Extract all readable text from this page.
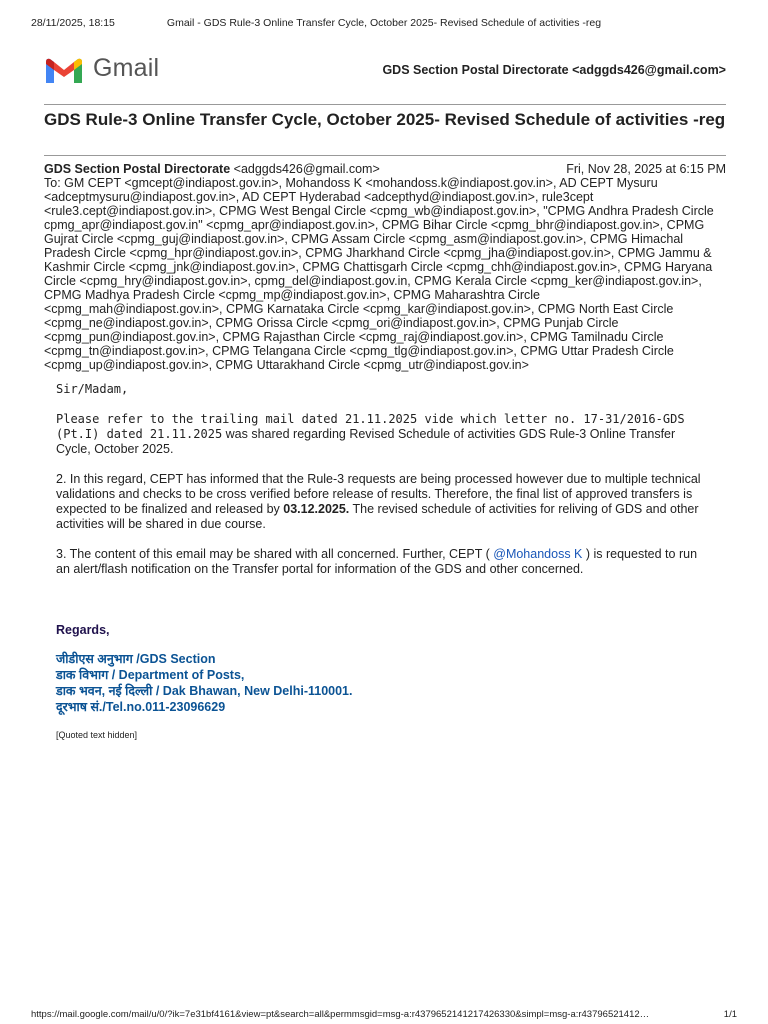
28/11/2025, 18:15	Gmail - GDS Rule-3 Online Transfer Cycle, October 2025- Revised Schedule of activities -reg
Gmail	GDS Section Postal Directorate <adggds426@gmail.com>
GDS Rule-3 Online Transfer Cycle, October 2025- Revised Schedule of activities -reg
GDS Section Postal Directorate <adggds426@gmail.com>	Fri, Nov 28, 2025 at 6:15 PM
To: GM CEPT <gmcept@indiapost.gov.in>, Mohandoss K <mohandoss.k@indiapost.gov.in>, AD CEPT Mysuru
<adceptmysuru@indiapost.gov.in>, AD CEPT Hyderabad <adcepthyd@indiapost.gov.in>, rule3cept
<rule3.cept@indiapost.gov.in>, CPMG West Bengal Circle <cpmg_wb@indiapost.gov.in>, "CPMG Andhra Pradesh Circle
cpmg_apr@indiapost.gov.in" <cpmg_apr@indiapost.gov.in>, CPMG Bihar Circle <cpmg_bhr@indiapost.gov.in>, CPMG
Gujrat Circle <cpmg_guj@indiapost.gov.in>, CPMG Assam Circle <cpmg_asm@indiapost.gov.in>, CPMG Himachal
Pradesh Circle <cpmg_hpr@indiapost.gov.in>, CPMG Jharkhand Circle <cpmg_jha@indiapost.gov.in>, CPMG Jammu &
Kashmir Circle <cpmg_jnk@indiapost.gov.in>, CPMG Chattisgarh Circle <cpmg_chh@indiapost.gov.in>, CPMG Haryana
Circle <cpmg_hry@indiapost.gov.in>, cpmg_del@indiapost.gov.in, CPMG Kerala Circle <cpmg_ker@indiapost.gov.in>,
CPMG Madhya Pradesh Circle <cpmg_mp@indiapost.gov.in>, CPMG Maharashtra Circle
<cpmg_mah@indiapost.gov.in>, CPMG Karnataka Circle <cpmg_kar@indiapost.gov.in>, CPMG North East Circle
<cpmg_ne@indiapost.gov.in>, CPMG Orissa Circle <cpmg_ori@indiapost.gov.in>, CPMG Punjab Circle
<cpmg_pun@indiapost.gov.in>, CPMG Rajasthan Circle <cpmg_raj@indiapost.gov.in>, CPMG Tamilnadu Circle
<cpmg_tn@indiapost.gov.in>, CPMG Telangana Circle <cpmg_tlg@indiapost.gov.in>, CPMG Uttar Pradesh Circle
<cpmg_up@indiapost.gov.in>, CPMG Uttarakhand Circle <cpmg_utr@indiapost.gov.in>

Sir/Madam,

Please refer to the trailing mail dated 21.11.2025 vide which letter no. 17-31/2016-GDS (Pt.I) dated 21.11.2025 was shared regarding Revised Schedule of activities GDS Rule-3 Online Transfer Cycle, October 2025.

2. In this regard, CEPT has informed that the Rule-3 requests are being processed however due to multiple technical validations and checks to be cross verified before release of results. Therefore, the final list of approved transfers is expected to be finalized and released by 03.12.2025. The revised schedule of activities for reliving of GDS and other activities will be shared in due course.

3. The content of this email may be shared with all concerned. Further, CEPT ( @Mohandoss K ) is requested to run an alert/flash notification on the Transfer portal for information of the GDS and other concerned.

Regards,

जीडीएस अनुभाग /GDS Section
डाक विभाग / Department of Posts,
डाक भवन, नई दिल्ली / Dak Bhawan, New Delhi-110001.
दूरभाष सं./Tel.no.011-23096629

[Quoted text hidden]

https://mail.google.com/mail/u/0/?ik=7e31bf4161&view=pt&search=all&permmsgid=msg-a:r4379652141217426330&simpl=msg-a:r43796521412…	1/1
